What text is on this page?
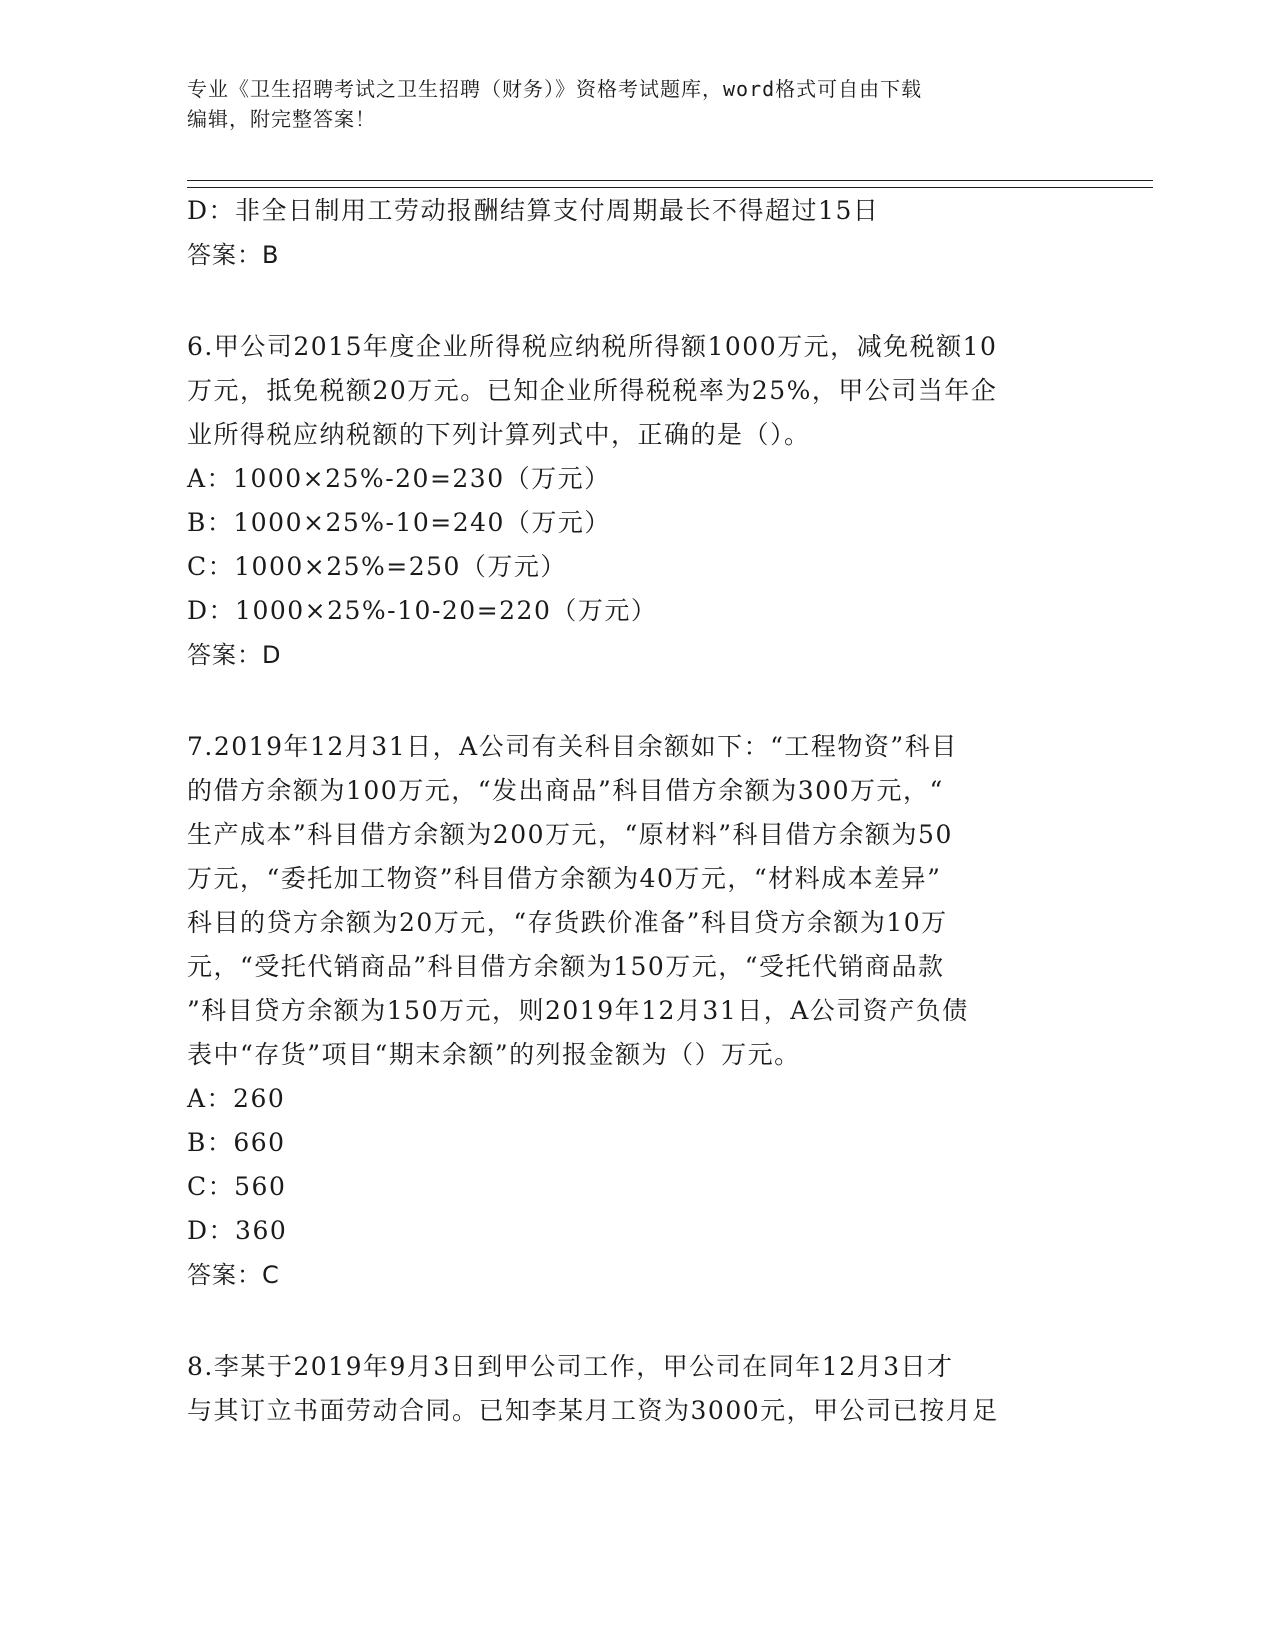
专业《卫生招聘考试之卫生招聘（财务）》资格考试题库，word格式可自由下载
编辑，附完整答案！
D：非全日制用工劳动报酬结算支付周期最长不得超过15日
答案：B
6.甲公司2015年度企业所得税应纳税所得额1000万元，减免税额10
万元，抵免税额20万元。已知企业所得税税率为25%，甲公司当年企
业所得税应纳税额的下列计算列式中，正确的是（）。
A：1000×25%-20=230（万元）
B：1000×25%-10=240（万元）
C：1000×25%=250（万元）
D：1000×25%-10-20=220（万元）
答案：D
7.2019年12月31日，A公司有关科目余额如下：“工程物资”科目
的借方余额为100万元，“发出商品”科目借方余额为300万元，“
生产成本”科目借方余额为200万元，“原材料”科目借方余额为50
万元，“委托加工物资”科目借方余额为40万元，“材料成本差异”
科目的贷方余额为20万元，“存货跌价准备”科目贷方余额为10万
元，“受托代销商品”科目借方余额为150万元，“受托代销商品款
”科目贷方余额为150万元，则2019年12月31日，A公司资产负债
表中“存货”项目“期末余额”的列报金额为（）万元。
A：260
B：660
C：560
D：360
答案：C
8.李某于2019年9月3日到甲公司工作，甲公司在同年12月3日才
与其订立书面劳动合同。已知李某月工资为3000元，甲公司已按月足
